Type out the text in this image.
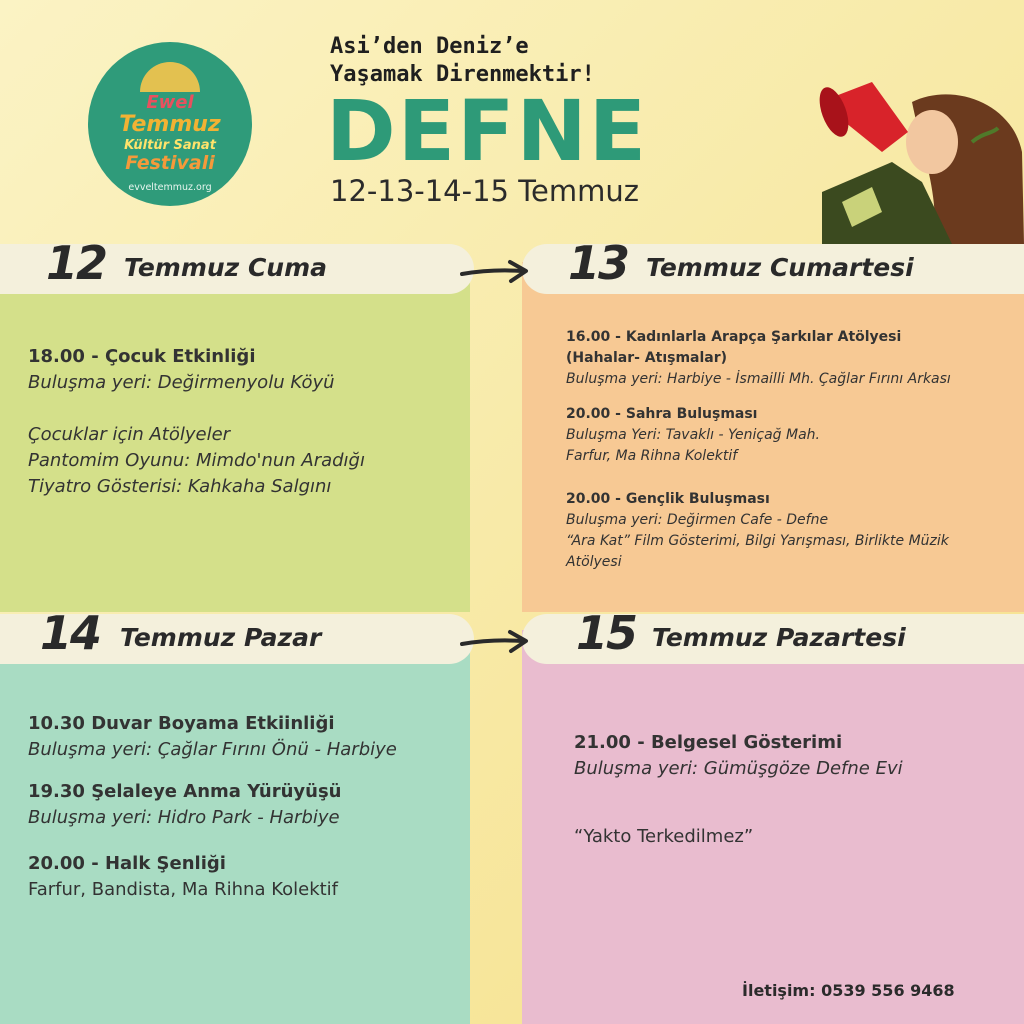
Ewel
Temmuz
Kültür Sanat
Festivali
evveltemmuz.org
Asi’den Deniz’e
Yaşamak Direnmektir!
DEFNE
12-13-14-15 Temmuz
12 Temmuz Cuma	13 Temmuz Cumartesi
14 Temmuz Pazar	15 Temmuz Pazartesi
18.00 - Çocuk Etkinliği
Buluşma yeri: Değirmenyolu Köyü
Çocuklar için Atölyeler
Pantomim Oyunu: Mimdo'nun Aradığı
Tiyatro Gösterisi: Kahkaha Salgını
16.00 - Kadınlarla Arapça Şarkılar Atölyesi
(Hahalar- Atışmalar)
Buluşma yeri: Harbiye - İsmailli Mh. Çağlar Fırını Arkası
20.00 - Sahra Buluşması
Buluşma Yeri: Tavaklı - Yeniçağ Mah.
Farfur, Ma Rihna Kolektif
20.00 - Gençlik Buluşması
Buluşma yeri: Değirmen Cafe - Defne
“Ara Kat” Film Gösterimi, Bilgi Yarışması, Birlikte Müzik
Atölyesi
10.30 Duvar Boyama Etkiinliği
Buluşma yeri: Çağlar Fırını Önü - Harbiye
19.30 Şelaleye Anma Yürüyüşü
Buluşma yeri: Hidro Park - Harbiye
20.00 - Halk Şenliği
Farfur, Bandista, Ma Rihna Kolektif
21.00 - Belgesel Gösterimi
Buluşma yeri: Gümüşgöze Defne Evi
“Yakto Terkedilmez”
İletişim: 0539 556 9468
